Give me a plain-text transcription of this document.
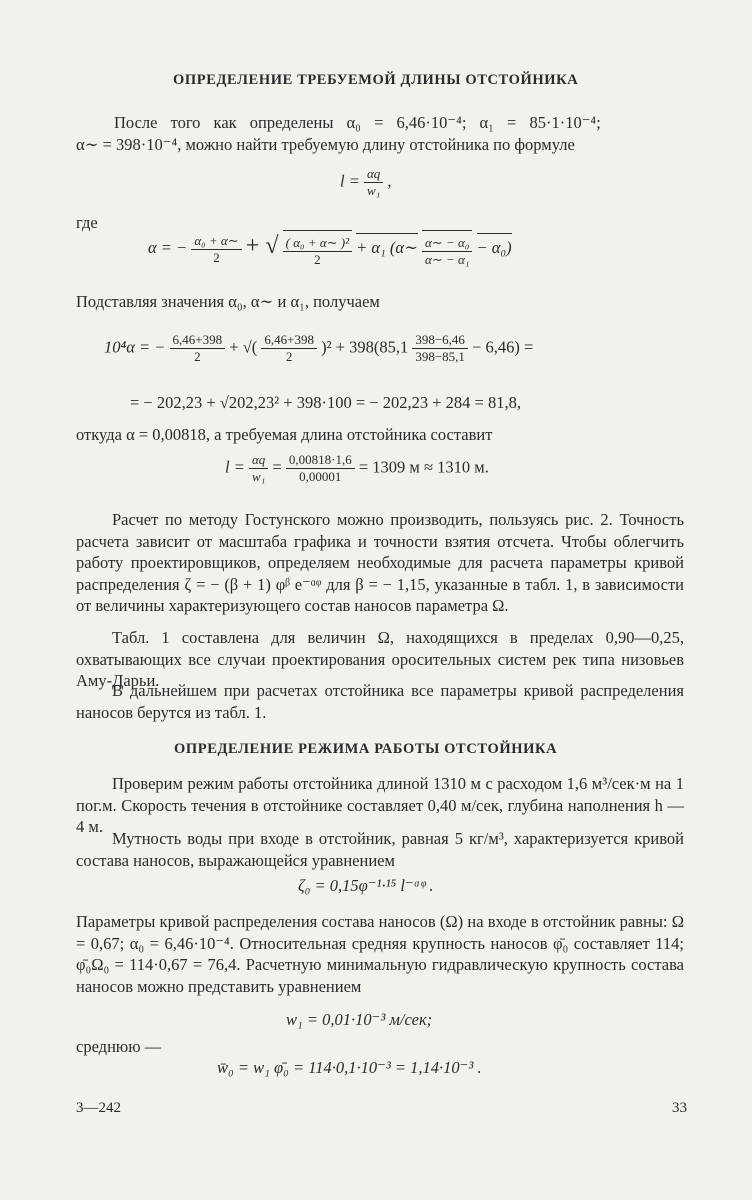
ОПРЕДЕЛЕНИЕ ТРЕБУЕМОЙ ДЛИНЫ ОТСТОЙНИКА
После того как определены α₀ = 6,46·10⁻⁴; α₁ = 85·1·10⁻⁴;
α∼ = 398·10⁻⁴, можно найти требуемую длину отстойника по формуле
$l = \frac{\alpha q}{\text{w₁}}$ ,
где
α = − $\frac{\text{α₀ + α∼}}{2}$ + √ $\frac{\text{( α₀ + α∼ )²}}{2} + \alpha_1$ (α∼ $\frac{\text{α∼ − α₀}}{\text{α∼ − α₁}} - \alpha_0$)
Подставляя значения α₀, α∼ и α₁, получаем
10⁴α = − $\frac{6,46+398}{2}$ + √( $\frac{6,46+398}{2} )^2 + 398(85,1 \frac{398-6,46}{398-85,1} - 6,46)$ =
= − 202,23 + √202,23² + 398·100 = − 202,23 + 284 = 81,8,
откуда α = 0,00818, а требуемая длина отстойника составит
$l = \frac{\alpha q}{\text{w₁}} = \frac{0,00818\cdot 1,6}{0,00001} = 1309$ м ≈ 1310 м.
Расчет по методу Гостунского можно производить, пользуясь рис. 2. Точность расчета зависит от масштаба графика и точности взятия отсчета. Чтобы облегчить работу проектировщиков, определяем необходимые для расчета параметры кривой распределения ζ = − (β + 1) φᵝ e⁻ᵅᵠ для β = − 1,15, указанные в табл. 1, в зависимости от величины характеризующего состав наносов параметра Ω.
Табл. 1 составлена для величин Ω, находящихся в пределах 0,90—0,25, охватывающих все случаи проектирования оросительных систем рек типа низовьев Аму-Дарьи.
В дальнейшем при расчетах отстойника все параметры кривой распределения наносов берутся из табл. 1.
ОПРЕДЕЛЕНИЕ РЕЖИМА РАБОТЫ ОТСТОЙНИКА
Проверим режим работы отстойника длиной 1310 м с расходом 1,6 м³/сек·м на 1 пог.м. Скорость течения в отстойнике составляет 0,40 м/сек, глубина наполнения h — 4 м.
Мутность воды при входе в отстойник, равная 5 кг/м³, характеризуется кривой состава наносов, выражающейся уравнением
ζ₀ = 0,15φ⁻¹·¹⁵ l⁻ᵅᵠ .
Параметры кривой распределения состава наносов (Ω) на входе в отстойник равны: Ω = 0,67; α₀ = 6,46·10⁻⁴. Относительная средняя крупность наносов φ̄₀ составляет 114; φ̄₀Ω₀ = 114·0,67 = 76,4. Расчетную минимальную гидравлическую крупность состава наносов можно представить уравнением
w₁ = 0,01·10⁻³ м/сек;
среднюю —
w̄₀ = w₁ φ̄₀ = 114·0,1·10⁻³ = 1,14·10⁻³ .
3—242	33
